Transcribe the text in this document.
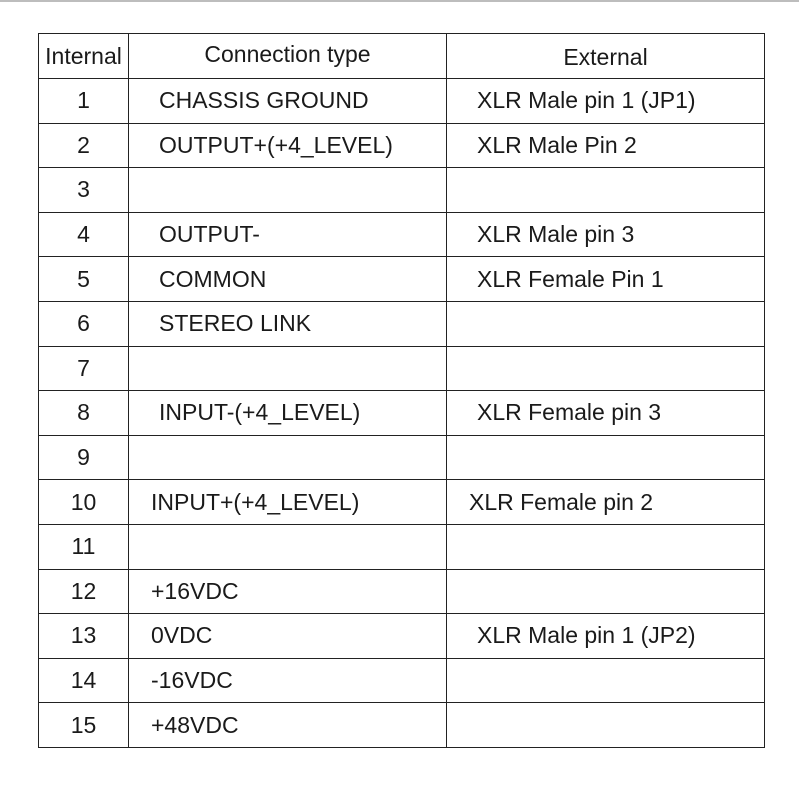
Internal	Connection type	External
1	CHASSIS GROUND	XLR Male pin 1 (JP1)
2	OUTPUT+(+4_LEVEL)	XLR Male Pin 2
3		
4	OUTPUT-	XLR Male pin 3
5	COMMON	XLR Female Pin 1
6	STEREO LINK	
7		
8	INPUT-(+4_LEVEL)	XLR Female pin 3
9		
10	INPUT+(+4_LEVEL)	XLR Female pin 2
11		
12	+16VDC	
13	0VDC	XLR Male pin 1 (JP2)
14	-16VDC	
15	+48VDC	
